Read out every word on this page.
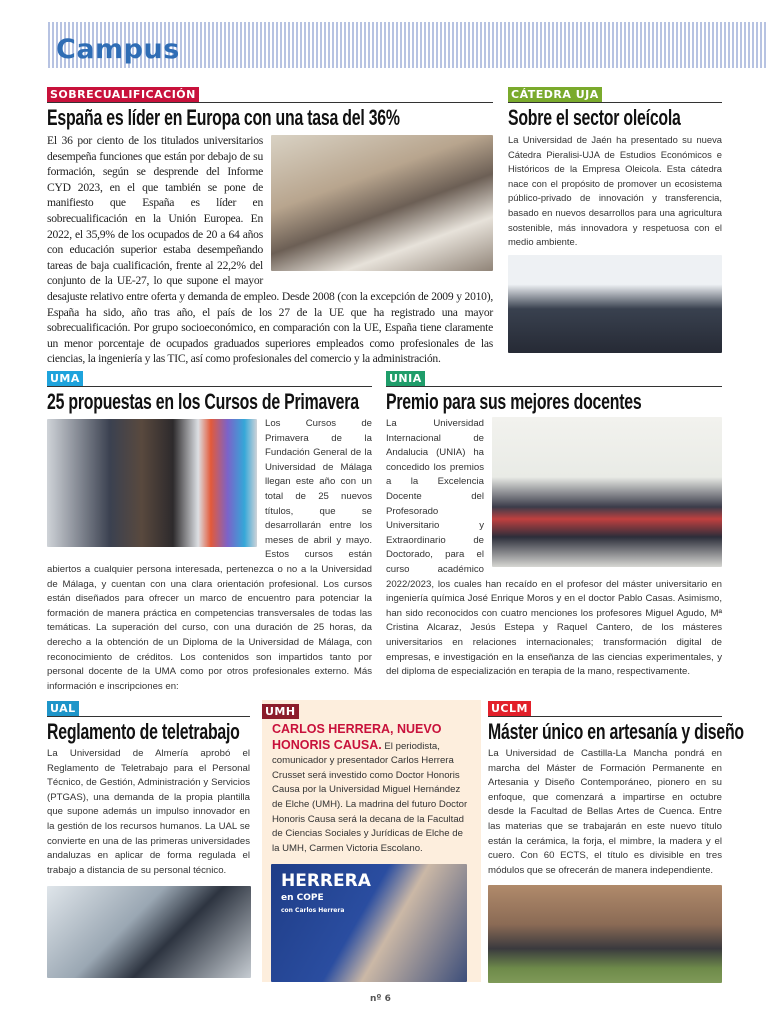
Campus
SOBRECUALIFICACIÓN
España es líder en Europa con una tasa del 36%

El 36 por ciento de los titulados universitarios desempeña funciones que están por debajo de su formación, según se desprende del Informe CYD 2023, en el que también se pone de manifiesto que España es líder en sobrecualificación en la Unión Europea. En 2022, el 35,9% de los ocupados de 20 a 64 años con educación superior estaba desempeñando tareas de baja cualificación, frente al 22,2% del conjunto de la UE-27, lo que supone el mayor desajuste relativo entre oferta y demanda de empleo. Desde 2008 (con la excepción de 2009 y 2010), España ha sido, año tras año, el país de los 27 de la UE que ha registrado una mayor sobrecualificación. Por grupo socioeconómico, en comparación con la UE, España tiene claramente un menor porcentaje de ocupados graduados superiores empleados como profesionales de las ciencias, la ingeniería y las TIC, así como profesionales del comercio y la administración.

CÁTEDRA UJA
Sobre el sector oleícola

La Universidad de Jaén ha presentado su nueva Cátedra Pieralisi-UJA de Estudios Económicos e Históricos de la Empresa Oleicola. Esta cátedra nace con el propósito de promover un ecosistema público-privado de innovación y transferencia, basado en nuevos desarrollos para una agricultura sostenible, más innovadora y respetuosa con el medio ambiente.

UMA
25 propuestas en los Cursos de Primavera

Los Cursos de Primavera de la Fundación General de la Universidad de Málaga llegan este año con un total de 25 nuevos títulos, que se desarrollarán entre los meses de abril y mayo. Estos cursos están abiertos a cualquier persona interesada, pertenezca o no a la Universidad de Málaga, y cuentan con una clara orientación profesional. Los cursos están diseñados para ofrecer un marco de encuentro para potenciar la formación de manera práctica en competencias transversales de todas las temáticas. La superación del curso, con una duración de 25 horas, da derecho a la obtención de un Diploma de la Universidad de Málaga, con reconocimiento de créditos. Los contenidos son impartidos tanto por personal docente de la UMA como por otros profesionales externo. Más información e inscripciones en:

UNIA
Premio para sus mejores docentes

La Universidad Internacional de Andalucia (UNIA) ha concedido los premios a la Excelencia Docente del Profesorado Universitario y Extraordinario de Doctorado, para el curso académico 2022/2023, los cuales han recaído en el profesor del máster universitario en ingeniería química José Enrique Moros y en el doctor Pablo Casas. Asimismo, han sido reconocidos con cuatro menciones los profesores Miguel Agudo, Mª Cristina Alcaraz, Jesús Estepa y Raquel Cantero, de los másteres universitarios en relaciones internacionales; transformación digital de empresas, e investigación en la enseñanza de las ciencias experimentales, y del diploma de especialización en terapia de la mano, respectivamente.

UAL
Reglamento de teletrabajo

La Universidad de Almería aprobó el Reglamento de Teletrabajo para el Personal Técnico, de Gestión, Administración y Servicios (PTGAS), una demanda de la propia plantilla que supone además un impulso innovador en la gestión de los recursos humanos. La UAL se convierte en una de las primeras universidades andaluzas en aplicar de forma regulada el trabajo a distancia de su personal técnico.

UMH

CARLOS HERRERA, NUEVO HONORIS CAUSA. El periodista, comunicador y presentador Carlos Herrera Crusset será investido como Doctor Honoris Causa por la Universidad Miguel Hernández de Elche (UMH). La madrina del futuro Doctor Honoris Causa será la decana de la Facultad de Ciencias Sociales y Jurídicas de Elche de la UMH, Carmen Victoria Escolano.

HERRERA
en COPE
con Carlos Herrera
UCLM
Máster único en artesanía y diseño

La Universidad de Castilla-La Mancha pondrá en marcha del Máster de Formación Permanente en Artesania y Diseño Contemporáneo, pionero en su enfoque, que comenzará a impartirse en octubre desde la Facultad de Bellas Artes de Cuenca. Entre las materias que se trabajarán en este nuevo título están la cerámica, la forja, el mimbre, la madera y el cuero. Con 60 ECTS, el título es divisible en tres módulos que se ofrecerán de manera independiente.

nº 6
